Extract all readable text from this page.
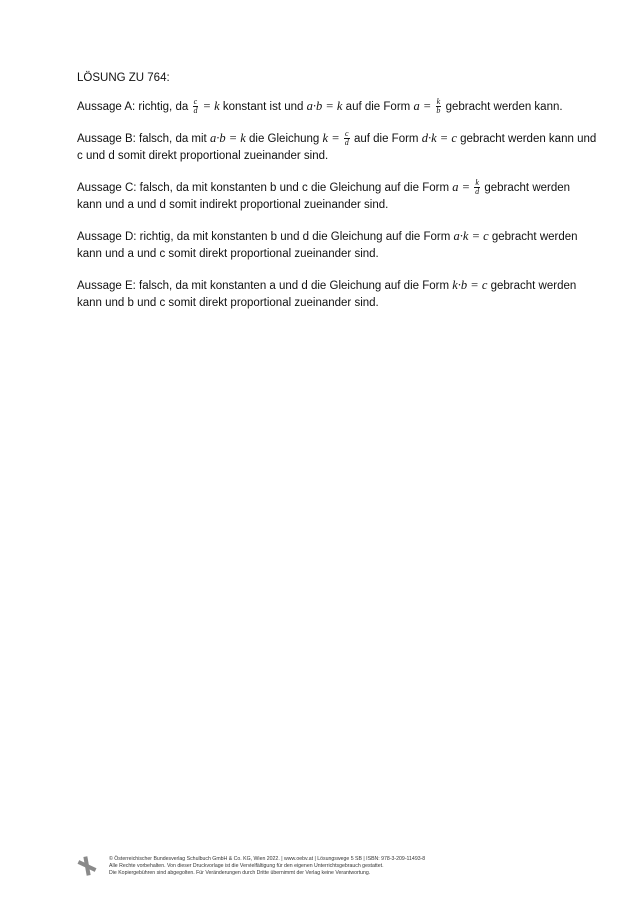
LÖSUNG ZU 764:

Aussage A: richtig, da $\frac{c}{d} = k$ konstant ist und a·b = k auf die Form $a = \frac{k}{b}$ gebracht werden kann.

Aussage B: falsch, da mit a·b = k die Gleichung $k = \frac{c}{d}$ auf die Form d·k = c gebracht werden kann und c und d somit direkt proportional zueinander sind.

Aussage C: falsch, da mit konstanten b und c die Gleichung auf die Form $a = \frac{k}{d}$ gebracht werden kann und a und d somit indirekt proportional zueinander sind.

Aussage D: richtig, da mit konstanten b und d die Gleichung auf die Form a·k = c gebracht werden kann und a und c somit direkt proportional zueinander sind.

Aussage E: falsch, da mit konstanten a und d die Gleichung auf die Form k·b = c gebracht werden kann und b und c somit direkt proportional zueinander sind.

© Österreichischer Bundesverlag Schulbuch GmbH & Co. KG, Wien 2022. | www.oebv.at | Lösungswege 5 SB | ISBN: 978-3-209-11493-8
Alle Rechte vorbehalten. Von dieser Druckvorlage ist die Vervielfältigung für den eigenen Unterrichtsgebrauch gestattet.
Die Kopiergebühren sind abgegolten. Für Veränderungen durch Dritte übernimmt der Verlag keine Verantwortung.
